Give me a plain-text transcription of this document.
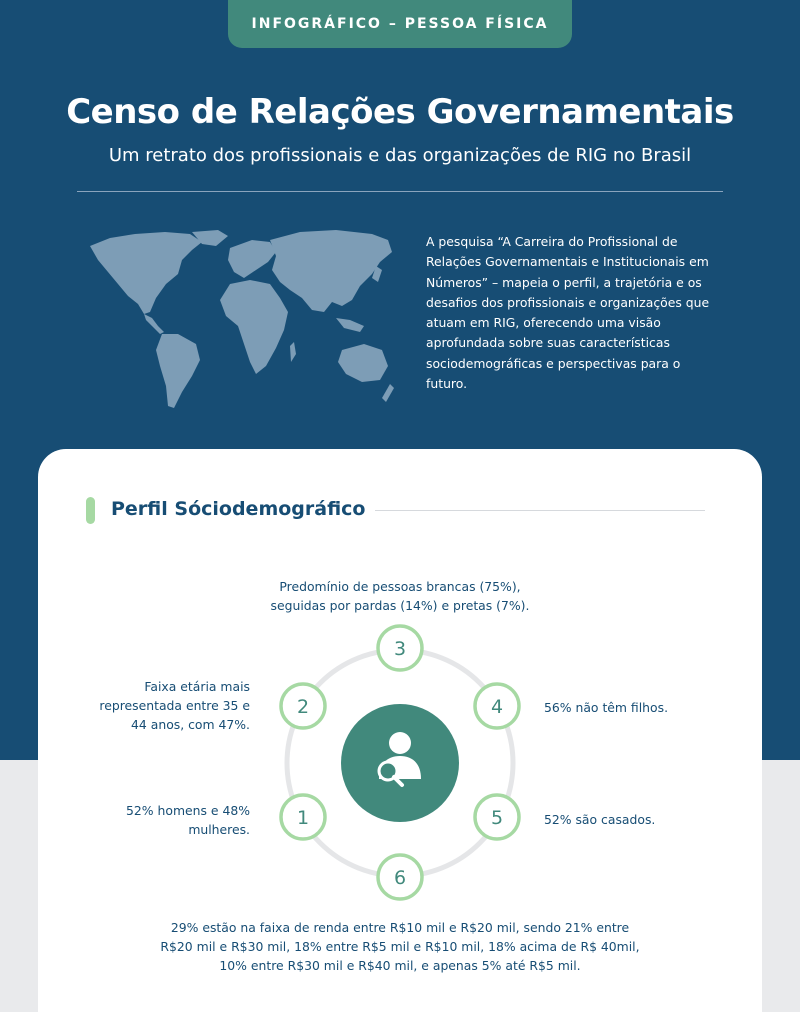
INFOGRÁFICO – PESSOA FÍSICA
Censo de Relações Governamentais
Um retrato dos profissionais e das organizações de RIG no Brasil

A pesquisa “A Carreira do Profissional de Relações Governamentais e Institucionais em Números” – mapeia o perfil, a trajetória e os desafios dos profissionais e organizações que atuam em RIG, oferecendo uma visão aprofundada sobre suas características sociodemográficas e perspectivas para o futuro.

Perfil Sóciodemográfico
3
2	4
1	5
6

Predomínio de pessoas brancas (75%), seguidas por pardas (14%) e pretas (7%).

Faixa etária mais representada entre 35 e 44 anos, com 47%.

56% não têm filhos.

52% homens e 48% mulheres.

52% são casados.

29% estão na faixa de renda entre R$10 mil e R$20 mil, sendo 21% entre R$20 mil e R$30 mil, 18% entre R$5 mil e R$10 mil, 18% acima de R$ 40mil, 10% entre R$30 mil e R$40 mil, e apenas 5% até R$5 mil.
